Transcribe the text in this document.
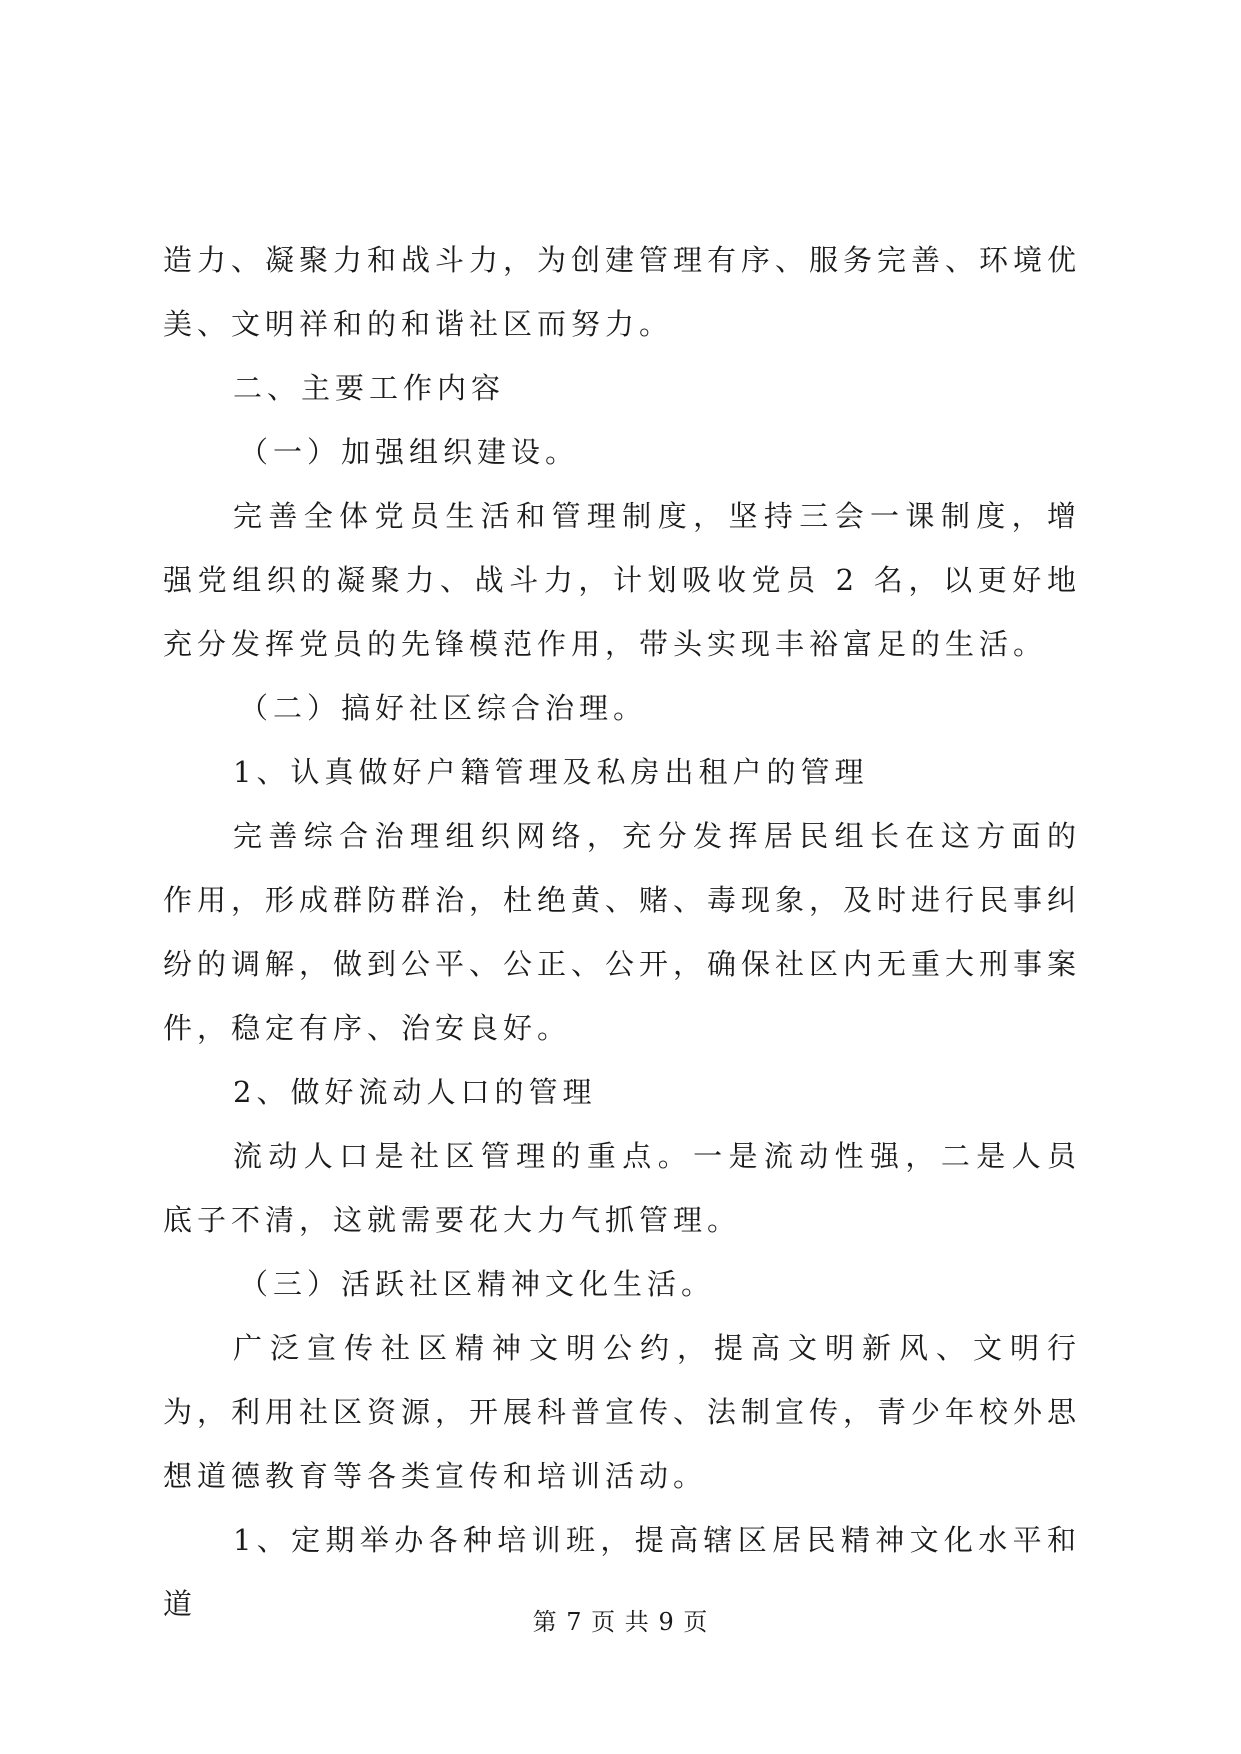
造力、凝聚力和战斗力，为创建管理有序、服务完善、环境优美、文明祥和的和谐社区而努力。

二、主要工作内容

（一）加强组织建设。

完善全体党员生活和管理制度，坚持三会一课制度，增强党组织的凝聚力、战斗力，计划吸收党员 2 名，以更好地充分发挥党员的先锋模范作用，带头实现丰裕富足的生活。

（二）搞好社区综合治理。

1、认真做好户籍管理及私房出租户的管理

完善综合治理组织网络，充分发挥居民组长在这方面的作用，形成群防群治，杜绝黄、赌、毒现象，及时进行民事纠纷的调解，做到公平、公正、公开，确保社区内无重大刑事案件，稳定有序、治安良好。

2、做好流动人口的管理

流动人口是社区管理的重点。一是流动性强，二是人员底子不清，这就需要花大力气抓管理。

（三）活跃社区精神文化生活。

广泛宣传社区精神文明公约，提高文明新风、文明行为，利用社区资源，开展科普宣传、法制宣传，青少年校外思想道德教育等各类宣传和培训活动。

1、定期举办各种培训班，提高辖区居民精神文化水平和道

第 7 页 共 9 页
